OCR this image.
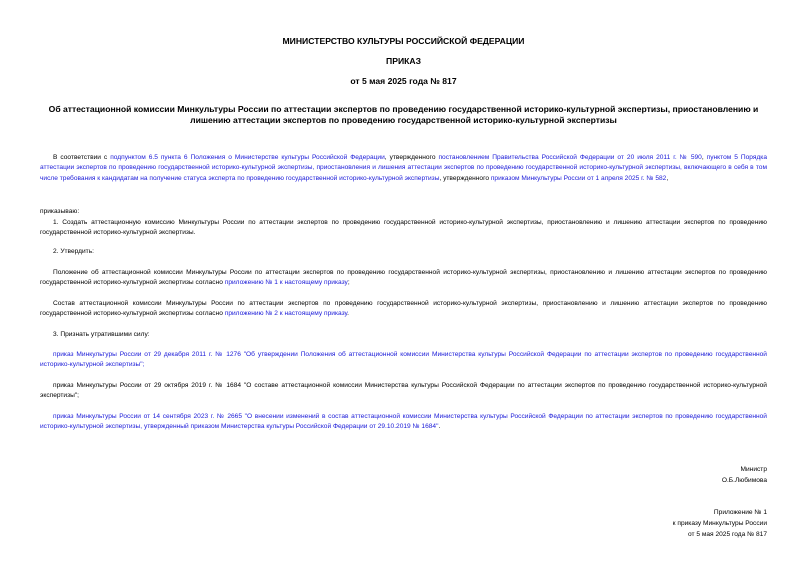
МИНИСТЕРСТВО КУЛЬТУРЫ РОССИЙСКОЙ ФЕДЕРАЦИИ
ПРИКАЗ
от 5 мая 2025 года № 817
Об аттестационной комиссии Минкультуры России по аттестации экспертов по проведению государственной историко-культурной экспертизы, приостановлению и лишению аттестации экспертов по проведению государственной историко-культурной экспертизы
В соответствии с подпунктом 6.5 пункта 6 Положения о Министерстве культуры Российской Федерации, утвержденного постановлением Правительства Российской Федерации от 20 июля 2011 г. № 590, пунктом 5 Порядка аттестации экспертов по проведению государственной историко-культурной экспертизы, приостановления и лишения аттестации экспертов по проведению государственной историко-культурной экспертизы, включающего в себя в том числе требования к кандидатам на получение статуса эксперта по проведению государственной историко-культурной экспертизы, утвержденного приказом Минкультуры России от 1 апреля 2025 г. № 582,
приказываю:
1. Создать аттестационную комиссию Минкультуры России по аттестации экспертов по проведению государственной историко-культурной экспертизы, приостановлению и лишению аттестации экспертов по проведению государственной историко-культурной экспертизы.
2. Утвердить:
Положение об аттестационной комиссии Минкультуры России по аттестации экспертов по проведению государственной историко-культурной экспертизы, приостановлению и лишению аттестации экспертов по проведению государственной историко-культурной экспертизы согласно приложению № 1 к настоящему приказу;
Состав аттестационной комиссии Минкультуры России по аттестации экспертов по проведению государственной историко-культурной экспертизы, приостановлению и лишению аттестации экспертов по проведению государственной историко-культурной экспертизы согласно приложению № 2 к настоящему приказу.
3. Признать утратившими силу:
приказ Минкультуры России от 29 декабря 2011 г. № 1276 "Об утверждении Положения об аттестационной комиссии Министерства культуры Российской Федерации по аттестации экспертов по проведению государственной историко-культурной экспертизы";
приказ Минкультуры России от 29 октября 2019 г. № 1684 "О составе аттестационной комиссии Министерства культуры Российской Федерации по аттестации экспертов по проведению государственной историко-культурной экспертизы";
приказ Минкультуры России от 14 сентября 2023 г. № 2665 "О внесении изменений в состав аттестационной комиссии Министерства культуры Российской Федерации по аттестации экспертов по проведению государственной историко-культурной экспертизы, утвержденный приказом Министерства культуры Российской Федерации от 29.10.2019 № 1684".
Министр
О.Б.Любимова
Приложение № 1
к приказу Минкультуры России
от 5 мая 2025 года № 817
